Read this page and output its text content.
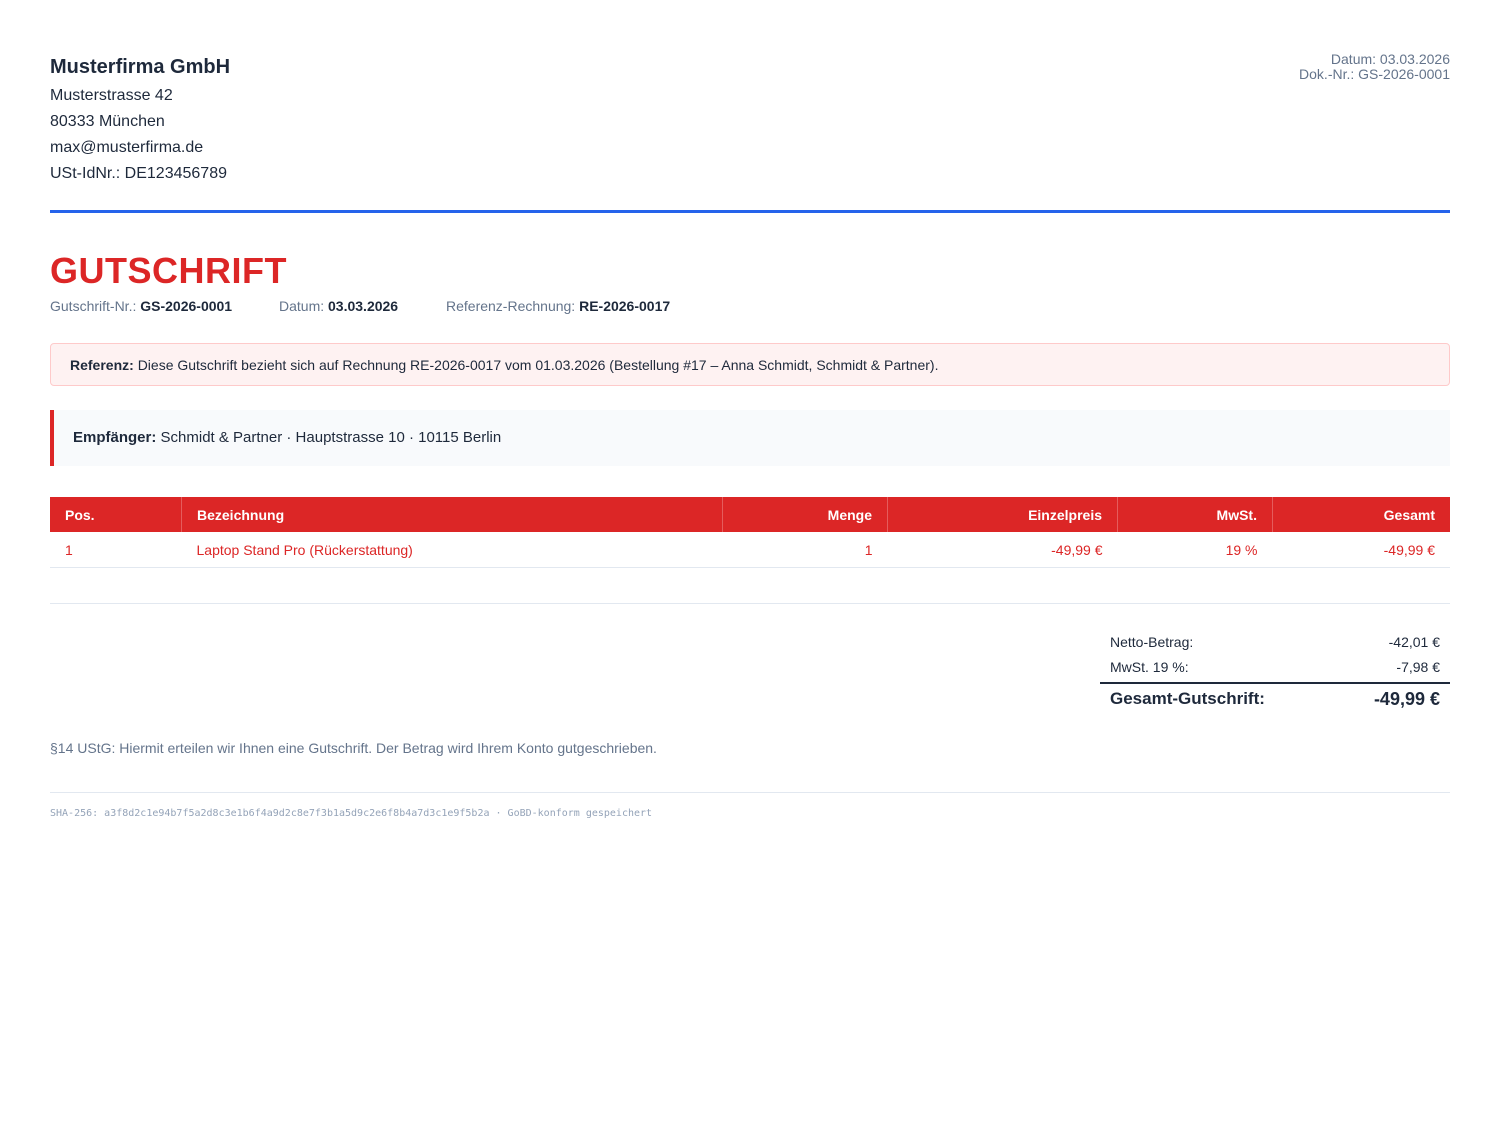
Musterfirma GmbH
Musterstrasse 42
80333 München
max@musterfirma.de
USt-IdNr.: DE123456789
Datum: 03.03.2026
Dok.-Nr.: GS-2026-0001
GUTSCHRIFT
Gutschrift-Nr.: GS-2026-0001	Datum: 03.03.2026	Referenz-Rechnung: RE-2026-0017
Referenz: Diese Gutschrift bezieht sich auf Rechnung RE-2026-0017 vom 01.03.2026 (Bestellung #17 – Anna Schmidt, Schmidt & Partner).
Empfänger: Schmidt & Partner · Hauptstrasse 10 · 10115 Berlin
Pos.	Bezeichnung	Menge	Einzelpreis	MwSt.	Gesamt
1	Laptop Stand Pro (Rückerstattung)	1	-49,99 €	19 %	-49,99 €
Netto-Betrag:	-42,01 €
MwSt. 19 %:	-7,98 €
Gesamt-Gutschrift:	-49,99 €
§14 UStG: Hiermit erteilen wir Ihnen eine Gutschrift. Der Betrag wird Ihrem Konto gutgeschrieben.
SHA-256: a3f8d2c1e94b7f5a2d8c3e1b6f4a9d2c8e7f3b1a5d9c2e6f8b4a7d3c1e9f5b2a · GoBD-konform gespeichert
